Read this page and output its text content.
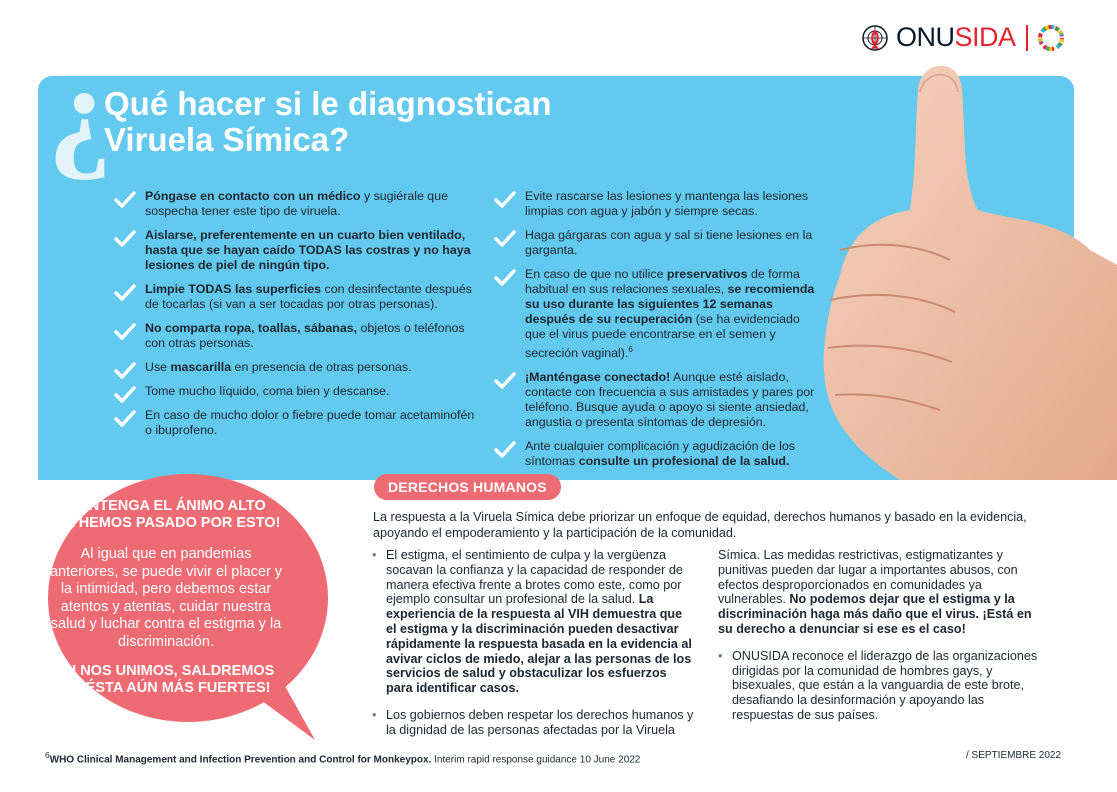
ONUSIDA
?
Qué hacer si le diagnostican
Viruela Símica?
Póngase en contacto con un médico y sugiérale que sospecha tener este tipo de viruela.
Aislarse, preferentemente en un cuarto bien ventilado, hasta que se hayan caído TODAS las costras y no haya lesiones de piel de ningún tipo.
Limpie TODAS las superficies con desinfectante después de tocarlas (si van a ser tocadas por otras personas).
No comparta ropa, toallas, sábanas, objetos o teléfonos con otras personas.
Use mascarilla en presencia de otras personas.
Tome mucho líquido, coma bien y descanse.
En caso de mucho dolor o fiebre puede tomar acetaminofén o ibuprofeno.
Evite rascarse las lesiones y mantenga las lesiones limpias con agua y jabón y siempre secas.
Haga gárgaras con agua y sal si tiene lesiones en la garganta.
En caso de que no utilice preservativos de forma habitual en sus relaciones sexuales, se recomienda su uso durante las siguientes 12 semanas después de su recuperación (se ha evidenciado que el virus puede encontrarse en el semen y secreción vaginal).$^6$
¡Manténgase conectado! Aunque esté aislado, contacte con frecuencia a sus amistades y pares por teléfono. Busque ayuda o apoyo si siente ansiedad, angustia o presenta síntomas de depresión.
Ante cualquier complicación y agudización de los síntomas consulte un profesional de la salud.

MANTENGA EL ÁNIMO ALTO
¡YA HEMOS PASADO POR ESTO!

Al igual que en pandemias anteriores, se puede vivir el placer y la intimidad, pero debemos estar atentos y atentas, cuidar nuestra salud y luchar contra el estigma y la discriminación.

¡SI NOS UNIMOS, SALDREMOS DE ÉSTA AÚN MÁS FUERTES!

DERECHOS HUMANOS
La respuesta a la Viruela Símica debe priorizar un enfoque de equidad, derechos humanos y basado en la evidencia, apoyando el empoderamiento y la participación de la comunidad.
• El estigma, el sentimiento de culpa y la vergüenza socavan la confianza y la capacidad de responder de manera efectiva frente a brotes como este, como por ejemplo consultar un profesional de la salud. La experiencia de la respuesta al VIH demuestra que el estigma y la discriminación pueden desactivar rápidamente la respuesta basada en la evidencia al avivar ciclos de miedo, alejar a las personas de los servicios de salud y obstaculizar los esfuerzos para identificar casos.
• Los gobiernos deben respetar los derechos humanos y la dignidad de las personas afectadas por la Viruela
Símica. Las medidas restrictivas, estigmatizantes y punitivas pueden dar lugar a importantes abusos, con efectos desproporcionados en comunidades ya vulnerables. No podemos dejar que el estigma y la discriminación haga más daño que el virus. ¡Está en su derecho a denunciar si ese es el caso!
• ONUSIDA reconoce el liderazgo de las organizaciones dirigidas por la comunidad de hombres gays, y bisexuales, que están a la vanguardia de este brote, desafiando la desinformación y apoyando las respuestas de sus países.
$^6$WHO Clinical Management and Infection Prevention and Control for Monkeypox. Interim rapid response guidance 10 June 2022	/ SEPTIEMBRE 2022
